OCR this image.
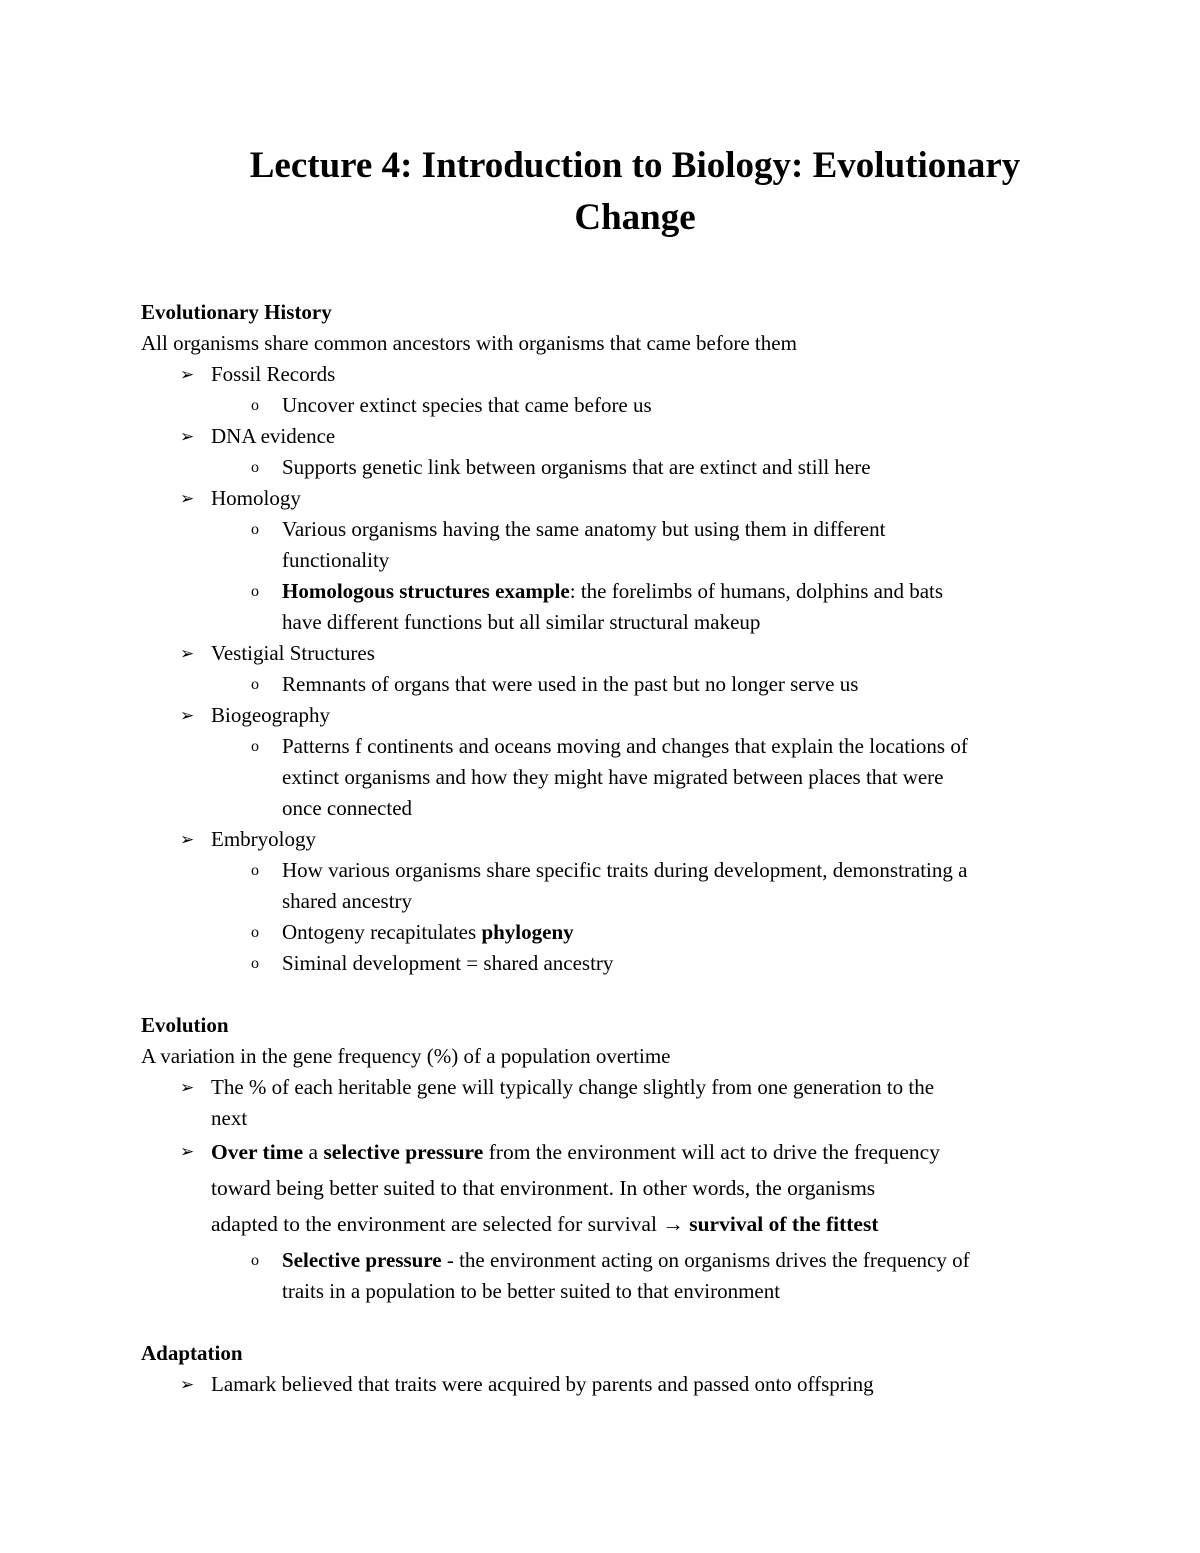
Lecture 4: Introduction to Biology: Evolutionary Change
Evolutionary History
All organisms share common ancestors with organisms that came before them
➢ Fossil Records
o Uncover extinct species that came before us
➢ DNA evidence
o Supports genetic link between organisms that are extinct and still here
➢ Homology
o Various organisms having the same anatomy but using them in different
functionality
o Homologous structures example: the forelimbs of humans, dolphins and bats
have different functions but all similar structural makeup
➢ Vestigial Structures
o Remnants of organs that were used in the past but no longer serve us
➢ Biogeography
o Patterns f continents and oceans moving and changes that explain the locations of
extinct organisms and how they might have migrated between places that were
once connected
➢ Embryology
o How various organisms share specific traits during development, demonstrating a
shared ancestry
o Ontogeny recapitulates phylogeny
o Siminal development = shared ancestry
Evolution
A variation in the gene frequency (%) of a population overtime
➢ The % of each heritable gene will typically change slightly from one generation to the
next
➢ Over time a selective pressure from the environment will act to drive the frequency
toward being better suited to that environment. In other words, the organisms
adapted to the environment are selected for survival → survival of the fittest
o Selective pressure - the environment acting on organisms drives the frequency of
traits in a population to be better suited to that environment
Adaptation
➢ Lamark believed that traits were acquired by parents and passed onto offspring
